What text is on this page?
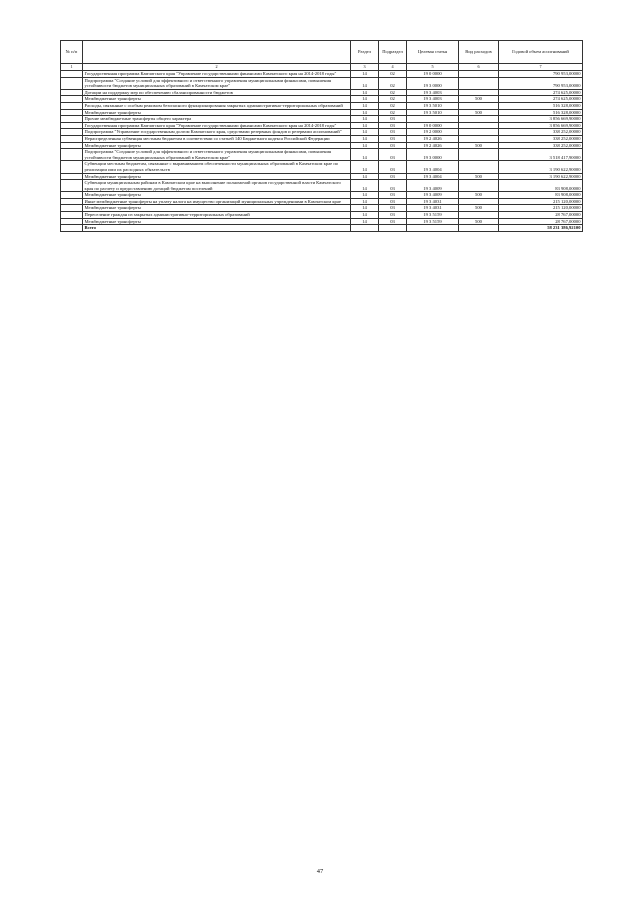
№ п/п		Раздел	Подраздел	Целевая статья	Вид расходов	Годовой объем ассигнований
1	2	3	4	5	6	7
	Государственная программа Камчатского края "Управление государственными финансами Камчатского края на 2014-2018 годы"	14	02	19 0 0000		790 953,00000
	Подпрограмма "Создание условий для эффективного и ответственного управления муниципальными финансами, повышения устойчивости бюджетов муниципальных образований в Камчатском крае"	14	02	19 3 0000		790 953,00000
	Дотации на поддержку мер по обеспечению сбалансированности бюджетов	14	02	19 3 4003		274 625,00000
	Межбюджетные трансферты	14	02	19 3 4003	500	274 625,00000
	Расходы, связанные с особым режимом безопасного функционирования закрытых административно-территориальных образований	14	02	19 3 5010		516 328,00000
	Межбюджетные трансферты	14	02	19 3 5010	500	516 328,00000
	Прочие межбюджетные трансферты общего характера	14	03			3 856 669,90000
	Государственная программа Камчатского края "Управление государственными финансами Камчатского края на 2014-2018 годы"	14	03	19 0 0000		3 856 669,90000
	Подпрограмма "Управление государственным долгом Камчатского края, средствами резервных фондов и резервами ассигнований"	14	03	19 2 0000		338 252,00000
	Нераспределенная субвенция местным бюджетам в соответствии со статьей 140 Бюджетного кодекса Российской Федерации	14	03	19 2 4026		338 252,00000
	Межбюджетные трансферты	14	03	19 2 4026	500	338 252,00000
	Подпрограмма "Создание условий для эффективного и ответственного управления муниципальными финансами, повышения устойчивости бюджетов муниципальных образований в Камчатском крае"	14	03	19 3 0000		3 518 417,90000
	Субвенции местным бюджетам, связанные с выравниванием обеспеченности муниципальных образований в Камчатском крае по реализации ими их расходных обязательств	14	03	19 3 4004		3 190 622,90000
	Межбюджетные трансферты	14	03	19 3 4004	500	3 190 622,90000
	Субвенции муниципальным районам в Камчатском крае на выполнение полномочий органов государственной власти Камчатского края по расчету и предоставлению дотаций бюджетам поселений	14	03	19 3 4009		83 908,00000
	Межбюджетные трансферты	14	03	19 3 4009	500	83 908,00000
	Иные межбюджетные трансферты на уплату налога на имущество организаций муниципальных учреждениями в Камчатском крае	14	03	19 3 4031		215 120,00000
	Межбюджетные трансферты	14	03	19 3 4031	500	215 120,00000
	Переселение граждан из закрытых административно-территориальных образований	14	03	19 3 5159		28 767,00000
	Межбюджетные трансферты	14	03	19 3 5159	500	28 767,00000
	Всего					58 231 386,92100
47
